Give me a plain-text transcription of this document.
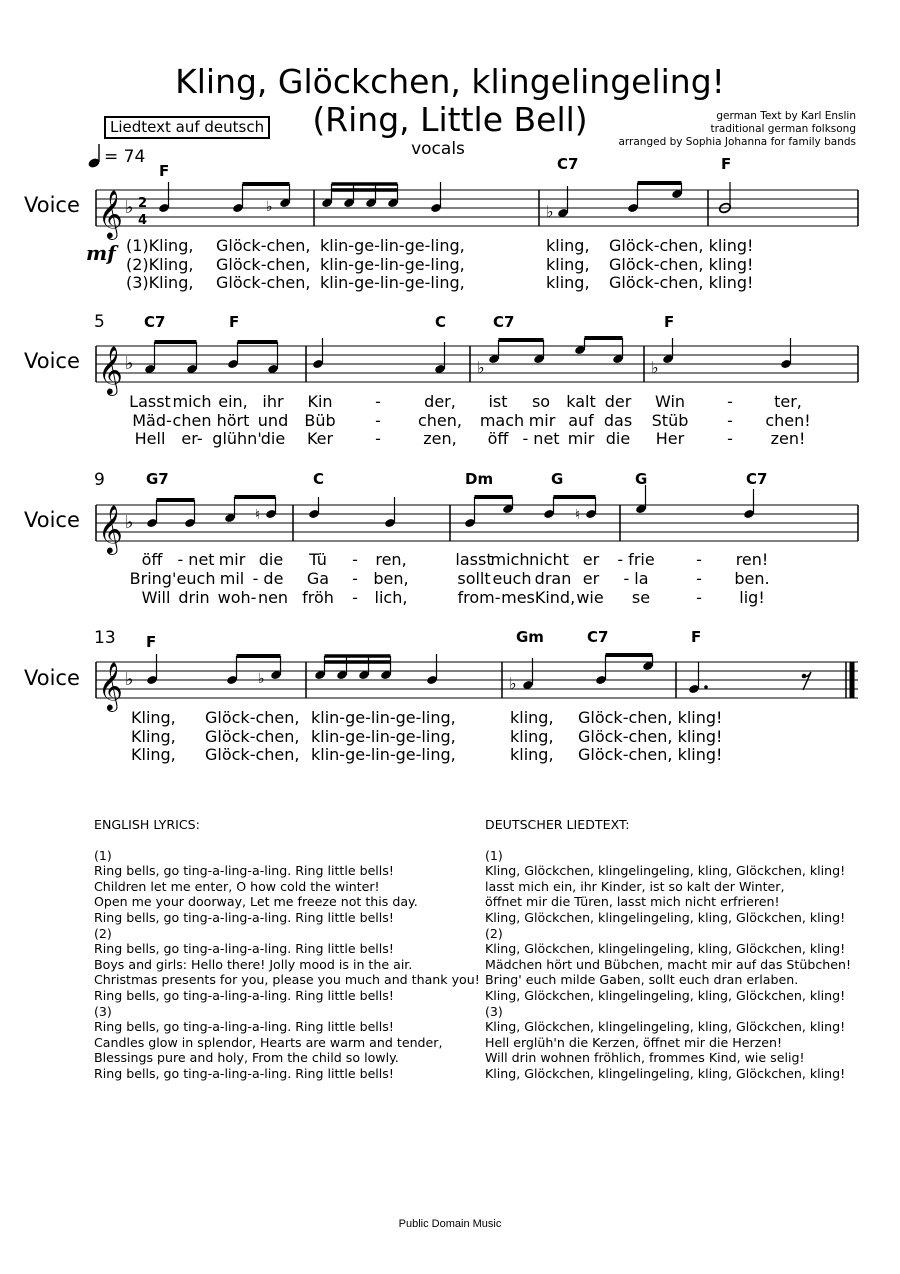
Kling, Glöckchen, klingelingeling!
(Ring, Little Bell)
vocals
Liedtext auf deutsch
german Text by Karl Enslin
traditional german folksong
arranged by Sophia Johanna for family bands
= 74
mf
Voice 𝄞 ♭ 2
4
♭	♭
F	C7	F
(1)Kling, Glöck-chen, klin-ge-lin-ge-ling,	kling, Glöck-chen, kling!
(2)Kling, Glöck-chen, klin-ge-lin-ge-ling,	kling, Glöck-chen, kling!
(3)Kling, Glöck-chen, klin-ge-lin-ge-ling,	kling, Glöck-chen, kling!
5
Voice 𝄞 ♭	♭	♭
C7	F	C	C7	F
Lasst mich ein, ihr Kin	-	der, ist so kalt der Win	-	ter,
Mäd- chen hört und Büb - chen, mach mir auf das Stüb - chen!
Hell er- glühn' die Ker	-	zen, öff - net mir die Her	- zen!
9
Voice 𝄞 ♭	♮	♮
G7	C	Dm	G	G	C7
öff - net mir die Tü - ren,	lasst
mich nicht er - frie	- ren!
Bring' euch mil - de Ga - ben,	sollt euch dran er - la	- ben.
Will drin woh- nen fröh - lich,	from- mes Kind, wie se	- lig!
13
Voice 𝄞 ♭	♭	♭
F	Gm	C7	F
Kling, Glöck-chen, klin-ge-lin-ge-ling,	kling, Glöck-chen, kling!
Kling, Glöck-chen, klin-ge-lin-ge-ling,	kling, Glöck-chen, kling!
Kling, Glöck-chen, klin-ge-lin-ge-ling,	kling, Glöck-chen, kling!
ENGLISH LYRICS:
(1)
Ring bells, go ting-a-ling-a-ling. Ring little bells!
Children let me enter, O how cold the winter!
Open me your doorway, Let me freeze not this day.
Ring bells, go ting-a-ling-a-ling. Ring little bells!
(2)
Ring bells, go ting-a-ling-a-ling. Ring little bells!
Boys and girls: Hello there! Jolly mood is in the air.
Christmas presents for you, please you much and thank you!
Ring bells, go ting-a-ling-a-ling. Ring little bells!
(3)
Ring bells, go ting-a-ling-a-ling. Ring little bells!
Candles glow in splendor, Hearts are warm and tender,
Blessings pure and holy, From the child so lowly.
Ring bells, go ting-a-ling-a-ling. Ring little bells!
DEUTSCHER LIEDTEXT:
(1)
Kling, Glöckchen, klingelingeling, kling, Glöckchen, kling!
lasst mich ein, ihr Kinder, ist so kalt der Winter,
öffnet mir die Türen, lasst mich nicht erfrieren!
Kling, Glöckchen, klingelingeling, kling, Glöckchen, kling!
(2)
Kling, Glöckchen, klingelingeling, kling, Glöckchen, kling!
Mädchen hört und Bübchen, macht mir auf das Stübchen!
Bring' euch milde Gaben, sollt euch dran erlaben.
Kling, Glöckchen, klingelingeling, kling, Glöckchen, kling!
(3)
Kling, Glöckchen, klingelingeling, kling, Glöckchen, kling!
Hell erglüh'n die Kerzen, öffnet mir die Herzen!
Will drin wohnen fröhlich, frommes Kind, wie selig!
Kling, Glöckchen, klingelingeling, kling, Glöckchen, kling!
Public Domain Music
